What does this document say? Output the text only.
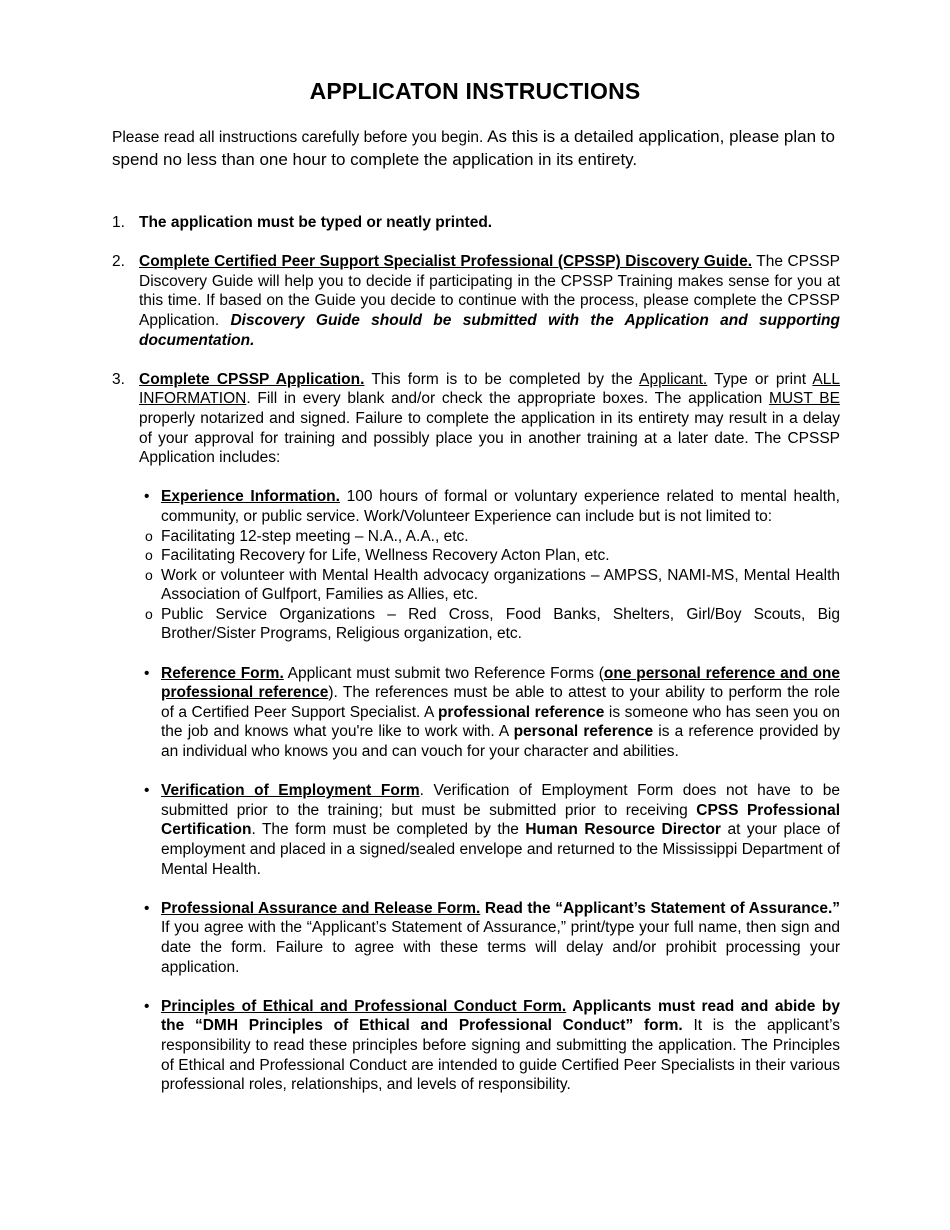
APPLICATON INSTRUCTIONS

Please read all instructions carefully before you begin. As this is a detailed application, please plan to spend no less than one hour to complete the application in its entirety.

1. The application must be typed or neatly printed.
2. Complete Certified Peer Support Specialist Professional (CPSSP) Discovery Guide. The CPSSP Discovery Guide will help you to decide if participating in the CPSSP Training makes sense for you at this time. If based on the Guide you decide to continue with the process, please complete the CPSSP Application. Discovery Guide should be submitted with the Application and supporting documentation.
3. Complete CPSSP Application. This form is to be completed by the Applicant. Type or print ALL INFORMATION. Fill in every blank and/or check the appropriate boxes. The application MUST BE properly notarized and signed. Failure to complete the application in its entirety may result in a delay of your approval for training and possibly place you in another training at a later date. The CPSSP Application includes:
• Experience Information. 100 hours of formal or voluntary experience related to mental health, community, or public service. Work/Volunteer Experience can include but is not limited to:
o Facilitating 12-step meeting – N.A., A.A., etc.
o Facilitating Recovery for Life, Wellness Recovery Acton Plan, etc.
o Work or volunteer with Mental Health advocacy organizations – AMPSS, NAMI-MS, Mental Health Association of Gulfport, Families as Allies, etc.
o Public Service Organizations – Red Cross, Food Banks, Shelters, Girl/Boy Scouts, Big Brother/Sister Programs, Religious organization, etc.
• Reference Form. Applicant must submit two Reference Forms (one personal reference and one professional reference). The references must be able to attest to your ability to perform the role of a Certified Peer Support Specialist. A professional reference is someone who has seen you on the job and knows what you're like to work with. A personal reference is a reference provided by an individual who knows you and can vouch for your character and abilities.
• Verification of Employment Form. Verification of Employment Form does not have to be submitted prior to the training; but must be submitted prior to receiving CPSS Professional Certification. The form must be completed by the Human Resource Director at your place of employment and placed in a signed/sealed envelope and returned to the Mississippi Department of Mental Health.
• Professional Assurance and Release Form. Read the “Applicant’s Statement of Assurance.” If you agree with the “Applicant’s Statement of Assurance,” print/type your full name, then sign and date the form. Failure to agree with these terms will delay and/or prohibit processing your application.
• Principles of Ethical and Professional Conduct Form. Applicants must read and abide by the “DMH Principles of Ethical and Professional Conduct” form. It is the applicant’s responsibility to read these principles before signing and submitting the application. The Principles of Ethical and Professional Conduct are intended to guide Certified Peer Specialists in their various professional roles, relationships, and levels of responsibility.
